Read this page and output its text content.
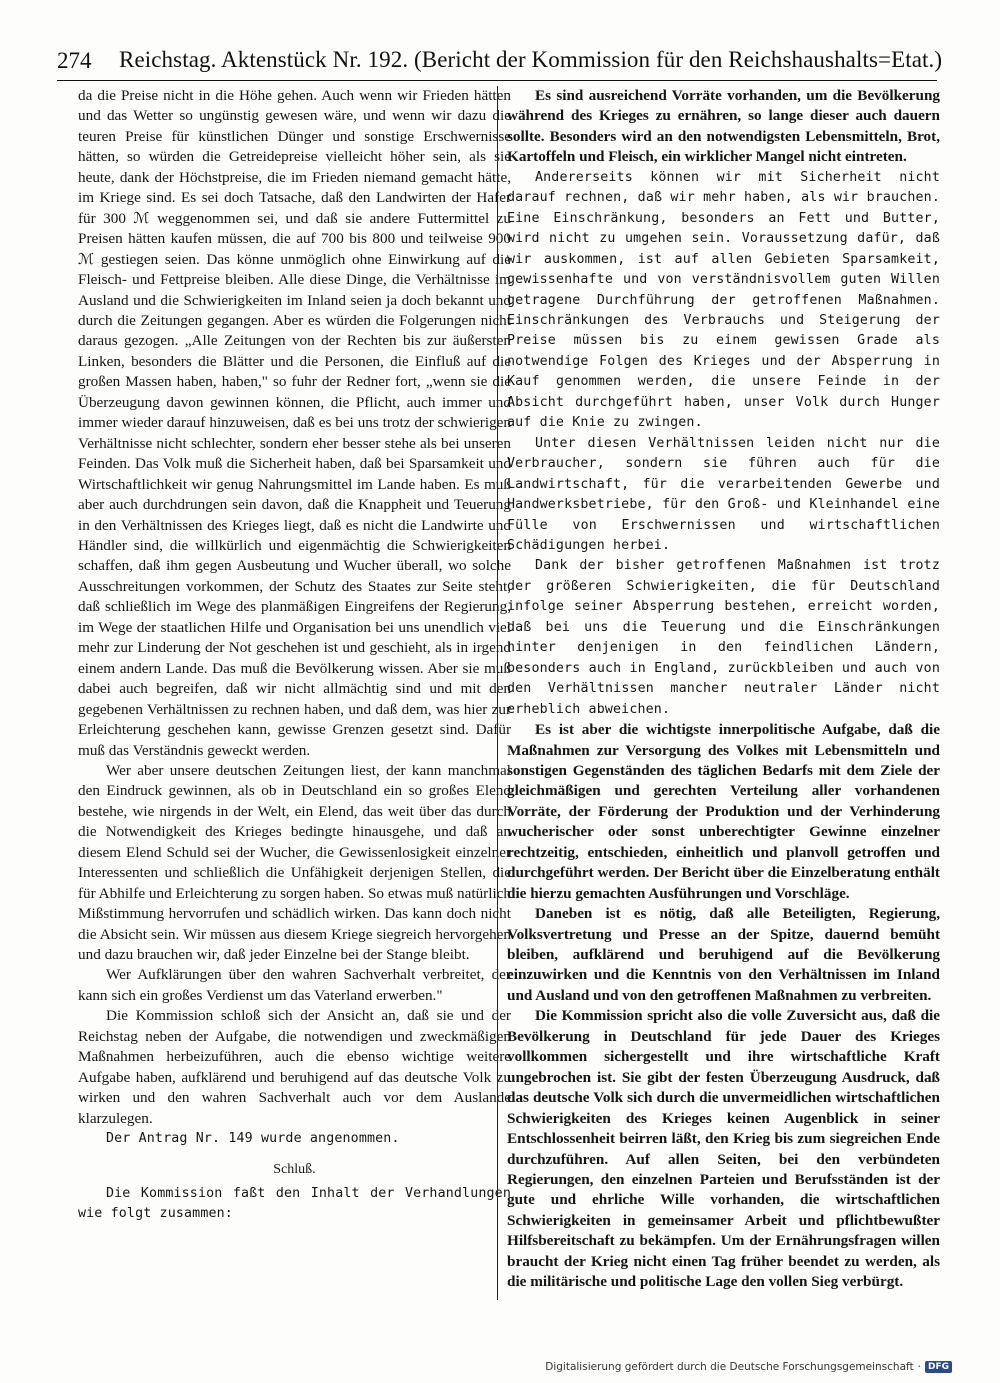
274 Reichstag. Aktenstück Nr. 192. (Bericht der Kommission für den Reichshaushalts=Etat.)

da die Preise nicht in die Höhe gehen. Auch wenn wir Frieden hätten und das Wetter so ungünstig gewesen wäre, und wenn wir dazu die teuren Preise für künstlichen Dünger und sonstige Erschwernisse hätten, so würden die Getreidepreise vielleicht höher sein, als sie heute, dank der Höchstpreise, die im Frieden niemand gemacht hätte, im Kriege sind. Es sei doch Tatsache, daß den Landwirten der Hafer für 300 ℳ weggenommen sei, und daß sie andere Futtermittel zu Preisen hätten kaufen müssen, die auf 700 bis 800 und teilweise 900 ℳ gestiegen seien. Das könne unmöglich ohne Einwirkung auf die Fleisch- und Fettpreise bleiben. Alle diese Dinge, die Verhältnisse im Ausland und die Schwierigkeiten im Inland seien ja doch bekannt und durch die Zeitungen gegangen. Aber es würden die Folgerungen nicht daraus gezogen. „Alle Zeitungen von der Rechten bis zur äußersten Linken, besonders die Blätter und die Personen, die Einfluß auf die großen Massen haben, haben," so fuhr der Redner fort, „wenn sie die Überzeugung davon gewinnen können, die Pflicht, auch immer und immer wieder darauf hinzuweisen, daß es bei uns trotz der schwierigen Verhältnisse nicht schlechter, sondern eher besser stehe als bei unseren Feinden. Das Volk muß die Sicherheit haben, daß bei Sparsamkeit und Wirtschaftlichkeit wir genug Nahrungsmittel im Lande haben. Es muß aber auch durchdrungen sein davon, daß die Knappheit und Teuerung in den Verhältnissen des Krieges liegt, daß es nicht die Landwirte und Händler sind, die willkürlich und eigenmächtig die Schwierigkeiten schaffen, daß ihm gegen Ausbeutung und Wucher überall, wo solche Ausschreitungen vorkommen, der Schutz des Staates zur Seite steht, daß schließlich im Wege des planmäßigen Eingreifens der Regierung, im Wege der staatlichen Hilfe und Organisation bei uns unendlich viel mehr zur Linderung der Not geschehen ist und geschieht, als in irgend einem andern Lande. Das muß die Bevölkerung wissen. Aber sie muß dabei auch begreifen, daß wir nicht allmächtig sind und mit den gegebenen Verhältnissen zu rechnen haben, und daß dem, was hier zur Erleichterung geschehen kann, gewisse Grenzen gesetzt sind. Dafür muß das Verständnis geweckt werden.

Wer aber unsere deutschen Zeitungen liest, der kann manchmal den Eindruck gewinnen, als ob in Deutschland ein so großes Elend bestehe, wie nirgends in der Welt, ein Elend, das weit über das durch die Notwendigkeit des Krieges bedingte hinausgehe, und daß an diesem Elend Schuld sei der Wucher, die Gewissenlosigkeit einzelner Interessenten und schließlich die Unfähigkeit derjenigen Stellen, die für Abhilfe und Erleichterung zu sorgen haben. So etwas muß natürlich Mißstimmung hervorrufen und schädlich wirken. Das kann doch nicht die Absicht sein. Wir müssen aus diesem Kriege siegreich hervorgehen und dazu brauchen wir, daß jeder Einzelne bei der Stange bleibt.

Wer Aufklärungen über den wahren Sachverhalt verbreitet, der kann sich ein großes Verdienst um das Vaterland erwerben."

Die Kommission schloß sich der Ansicht an, daß sie und der Reichstag neben der Aufgabe, die notwendigen und zweckmäßigen Maßnahmen herbeizuführen, auch die ebenso wichtige weitere Aufgabe haben, aufklärend und beruhigend auf das deutsche Volk zu wirken und den wahren Sachverhalt auch vor dem Auslande klarzulegen.

Der Antrag Nr. 149 wurde angenommen.

Schluß.

Die Kommission faßt den Inhalt der Verhandlungen wie folgt zusammen:

Es sind ausreichend Vorräte vorhanden, um die Bevölkerung während des Krieges zu ernähren, so lange dieser auch dauern sollte. Besonders wird an den notwendigsten Lebensmitteln, Brot, Kartoffeln und Fleisch, ein wirklicher Mangel nicht eintreten.

Andererseits können wir mit Sicherheit nicht darauf rechnen, daß wir mehr haben, als wir brauchen. Eine Einschränkung, besonders an Fett und Butter, wird nicht zu umgehen sein. Voraussetzung dafür, daß wir auskommen, ist auf allen Gebieten Sparsamkeit, gewissenhafte und von verständnisvollem guten Willen getragene Durchführung der getroffenen Maßnahmen. Einschränkungen des Verbrauchs und Steigerung der Preise müssen bis zu einem gewissen Grade als notwendige Folgen des Krieges und der Absperrung in Kauf genommen werden, die unsere Feinde in der Absicht durchgeführt haben, unser Volk durch Hunger auf die Knie zu zwingen.

Unter diesen Verhältnissen leiden nicht nur die Verbraucher, sondern sie führen auch für die Landwirtschaft, für die verarbeitenden Gewerbe und Handwerksbetriebe, für den Groß- und Kleinhandel eine Fülle von Erschwernissen und wirtschaftlichen Schädigungen herbei.

Dank der bisher getroffenen Maßnahmen ist trotz der größeren Schwierigkeiten, die für Deutschland infolge seiner Absperrung bestehen, erreicht worden, daß bei uns die Teuerung und die Einschränkungen hinter denjenigen in den feindlichen Ländern, besonders auch in England, zurückbleiben und auch von den Verhältnissen mancher neutraler Länder nicht erheblich abweichen.

Es ist aber die wichtigste innerpolitische Aufgabe, daß die Maßnahmen zur Versorgung des Volkes mit Lebensmitteln und sonstigen Gegenständen des täglichen Bedarfs mit dem Ziele der gleichmäßigen und gerechten Verteilung aller vorhandenen Vorräte, der Förderung der Produktion und der Verhinderung wucherischer oder sonst unberechtigter Gewinne einzelner rechtzeitig, entschieden, einheitlich und planvoll getroffen und durchgeführt werden. Der Bericht über die Einzelberatung enthält die hierzu gemachten Ausführungen und Vorschläge.

Daneben ist es nötig, daß alle Beteiligten, Regierung, Volksvertretung und Presse an der Spitze, dauernd bemüht bleiben, aufklärend und beruhigend auf die Bevölkerung einzuwirken und die Kenntnis von den Verhältnissen im Inland und Ausland und von den getroffenen Maßnahmen zu verbreiten.

Die Kommission spricht also die volle Zuversicht aus, daß die Bevölkerung in Deutschland für jede Dauer des Krieges vollkommen sichergestellt und ihre wirtschaftliche Kraft ungebrochen ist. Sie gibt der festen Überzeugung Ausdruck, daß das deutsche Volk sich durch die unvermeidlichen wirtschaftlichen Schwierigkeiten des Krieges keinen Augenblick in seiner Entschlossenheit beirren läßt, den Krieg bis zum siegreichen Ende durchzuführen. Auf allen Seiten, bei den verbündeten Regierungen, den einzelnen Parteien und Berufsständen ist der gute und ehrliche Wille vorhanden, die wirtschaftlichen Schwierigkeiten in gemeinsamer Arbeit und pflichtbewußter Hilfsbereitschaft zu bekämpfen. Um der Ernährungsfragen willen braucht der Krieg nicht einen Tag früher beendet zu werden, als die militärische und politische Lage den vollen Sieg verbürgt.

Digitalisierung gefördert durch die Deutsche Forschungsgemeinschaft · DFG
